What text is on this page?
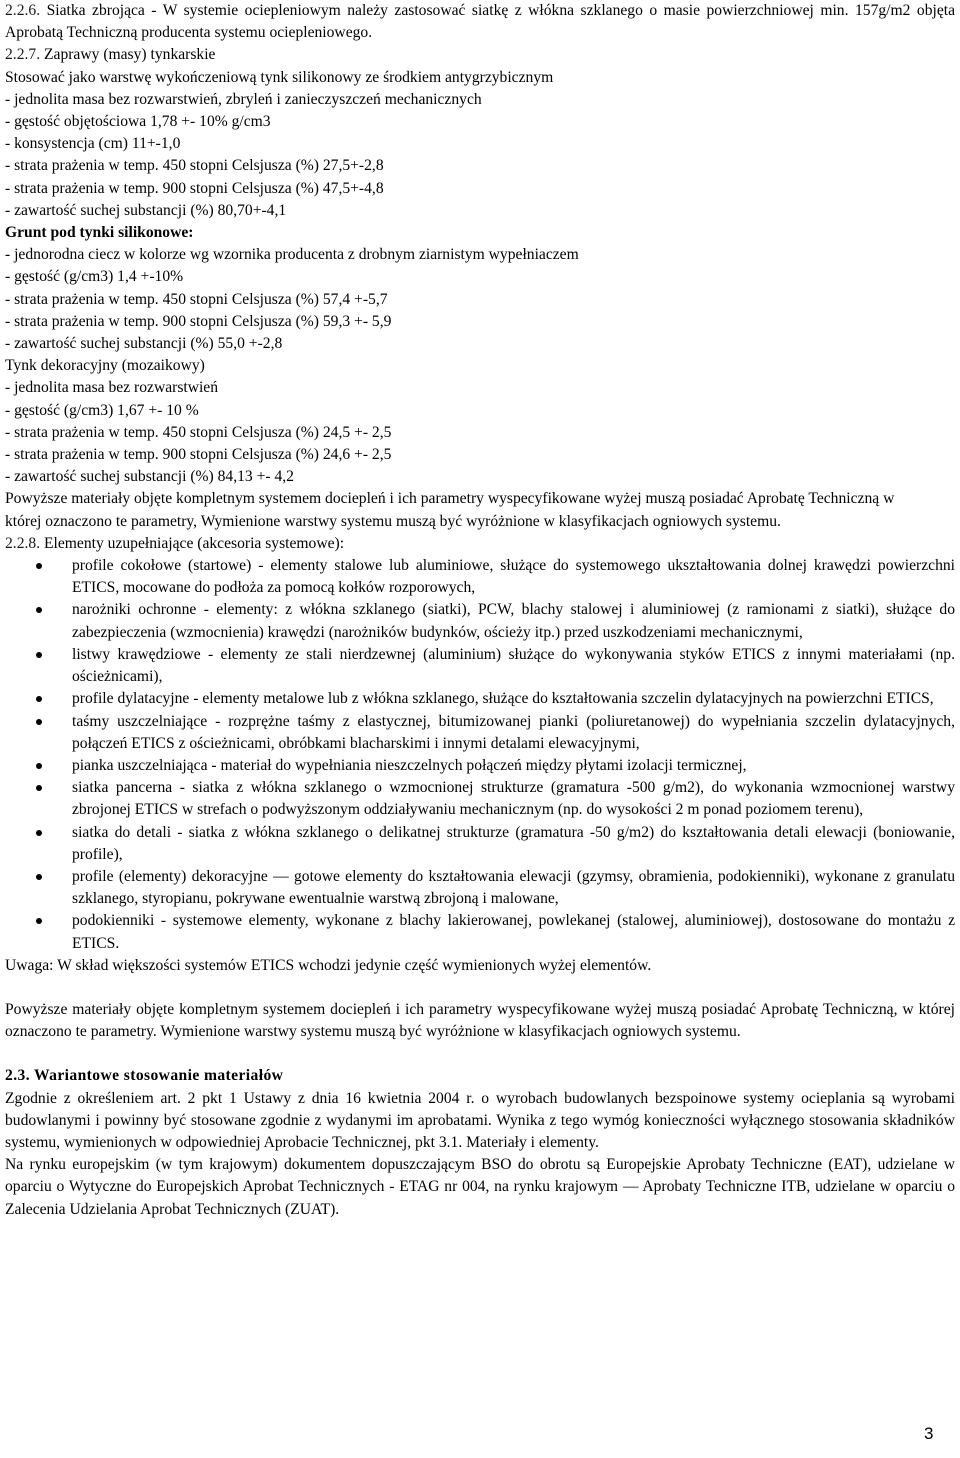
2.2.6. Siatka zbrojąca - W systemie ociepleniowym należy zastosować siatkę z włókna szklanego o masie powierzchniowej min. 157g/m2 objęta Aprobatą Techniczną producenta systemu ociepleniowego.

2.2.7. Zaprawy (masy) tynkarskie

Stosować jako warstwę wykończeniową tynk silikonowy ze środkiem antygrzybicznym

- jednolita masa bez rozwarstwień, zbryleń i zanieczyszczeń mechanicznych

- gęstość objętościowa 1,78 +- 10% g/cm3

- konsystencja (cm) 11+-1,0

- strata prażenia w temp. 450 stopni Celsjusza (%) 27,5+-2,8

- strata prażenia w temp. 900 stopni Celsjusza (%) 47,5+-4,8

- zawartość suchej substancji (%) 80,70+-4,1

Grunt pod tynki silikonowe:

- jednorodna ciecz w kolorze wg wzornika producenta z drobnym ziarnistym wypełniaczem

- gęstość (g/cm3) 1,4 +-10%

- strata prażenia w temp. 450 stopni Celsjusza (%) 57,4 +-5,7

- strata prażenia w temp. 900 stopni Celsjusza (%) 59,3 +- 5,9

- zawartość suchej substancji (%) 55,0 +-2,8

Tynk dekoracyjny (mozaikowy)

- jednolita masa bez rozwarstwień

- gęstość (g/cm3) 1,67 +- 10 %

- strata prażenia w temp. 450 stopni Celsjusza (%) 24,5 +- 2,5

- strata prażenia w temp. 900 stopni Celsjusza (%) 24,6 +- 2,5

- zawartość suchej substancji (%) 84,13 +- 4,2

Powyższe materiały objęte kompletnym systemem dociepleń i ich parametry wyspecyfikowane wyżej muszą posiadać Aprobatę Techniczną w której oznaczono te parametry, Wymienione warstwy systemu muszą być wyróżnione w klasyfikacjach ogniowych systemu.

2.2.8. Elementy uzupełniające (akcesoria systemowe):

profile cokołowe (startowe) - elementy stalowe lub aluminiowe, służące do systemowego ukształtowania dolnej krawędzi powierzchni ETICS, mocowane do podłoża za pomocą kołków rozporowych,
narożniki ochronne - elementy: z włókna szklanego (siatki), PCW, blachy stalowej i aluminiowej (z ramionami z siatki), służące do zabezpieczenia (wzmocnienia) krawędzi (narożników budynków, ościeży itp.) przed uszkodzeniami mechanicznymi,
listwy krawędziowe - elementy ze stali nierdzewnej (aluminium) służące do wykonywania styków ETICS z innymi materiałami (np. ościeżnicami),
profile dylatacyjne - elementy metalowe lub z włókna szklanego, służące do kształtowania szczelin dylatacyjnych na powierzchni ETICS,
taśmy uszczelniające - rozprężne taśmy z elastycznej, bitumizowanej pianki (poliuretanowej) do wypełniania szczelin dylatacyjnych, połączeń ETICS z ościeżnicami, obróbkami blacharskimi i innymi detalami elewacyjnymi,
pianka uszczelniająca - materiał do wypełniania nieszczelnych połączeń między płytami izolacji termicznej,
siatka pancerna - siatka z włókna szklanego o wzmocnionej strukturze (gramatura -500 g/m2), do wykonania wzmocnionej warstwy zbrojonej ETICS w strefach o podwyższonym oddziaływaniu mechanicznym (np. do wysokości 2 m ponad poziomem terenu),
siatka do detali - siatka z włókna szklanego o delikatnej strukturze (gramatura -50 g/m2) do kształtowania detali elewacji (boniowanie, profile),
profile (elementy) dekoracyjne — gotowe elementy do kształtowania elewacji (gzymsy, obramienia, podokienniki), wykonane z granulatu szklanego, styropianu, pokrywane ewentualnie warstwą zbrojoną i malowane,
podokienniki - systemowe elementy, wykonane z blachy lakierowanej, powlekanej (stalowej, aluminiowej), dostosowane do montażu z ETICS.

Uwaga: W skład większości systemów ETICS wchodzi jedynie część wymienionych wyżej elementów.

Powyższe materiały objęte kompletnym systemem dociepleń i ich parametry wyspecyfikowane wyżej muszą posiadać Aprobatę Techniczną, w której oznaczono te parametry. Wymienione warstwy systemu muszą być wyróżnione w klasyfikacjach ogniowych systemu.

2.3. Wariantowe stosowanie materiałów

Zgodnie z określeniem art. 2 pkt 1 Ustawy z dnia 16 kwietnia 2004 r. o wyrobach budowlanych bezspoinowe systemy ocieplania są wyrobami budowlanymi i powinny być stosowane zgodnie z wydanymi im aprobatami. Wynika z tego wymóg konieczności wyłącznego stosowania składników systemu, wymienionych w odpowiedniej Aprobacie Technicznej, pkt 3.1. Materiały i elementy.

Na rynku europejskim (w tym krajowym) dokumentem dopuszczającym BSO do obrotu są Europejskie Aprobaty Techniczne (EAT), udzielane w oparciu o Wytyczne do Europejskich Aprobat Technicznych - ETAG nr 004, na rynku krajowym — Aprobaty Techniczne ITB, udzielane w oparciu o Zalecenia Udzielania Aprobat Technicznych (ZUAT).

3
